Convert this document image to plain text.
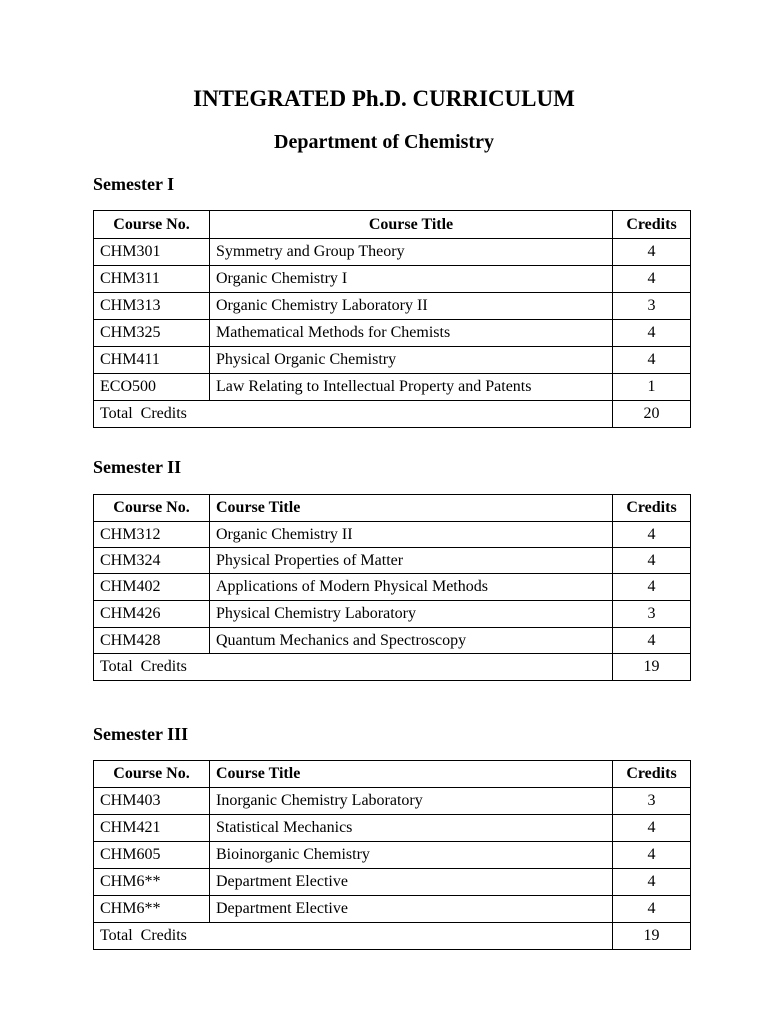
INTEGRATED Ph.D. CURRICULUM
Department of Chemistry
Semester I
Course No.	Course Title	Credits
CHM301	Symmetry and Group Theory	4
CHM311	Organic Chemistry I	4
CHM313	Organic Chemistry Laboratory II	3
CHM325	Mathematical Methods for Chemists	4
CHM411	Physical Organic Chemistry	4
ECO500	Law Relating to Intellectual Property and Patents	1
Total  Credits		20
Semester II
Course No.	Course Title	Credits
CHM312	Organic Chemistry II	4
CHM324	Physical Properties of Matter	4
CHM402	Applications of Modern Physical Methods	4
CHM426	Physical Chemistry Laboratory	3
CHM428	Quantum Mechanics and Spectroscopy	4
Total  Credits		19
Semester III
Course No.	Course Title	Credits
CHM403	Inorganic Chemistry Laboratory	3
CHM421	Statistical Mechanics	4
CHM605	Bioinorganic Chemistry	4
CHM6**	Department Elective	4
CHM6**	Department Elective	4
Total  Credits		19
